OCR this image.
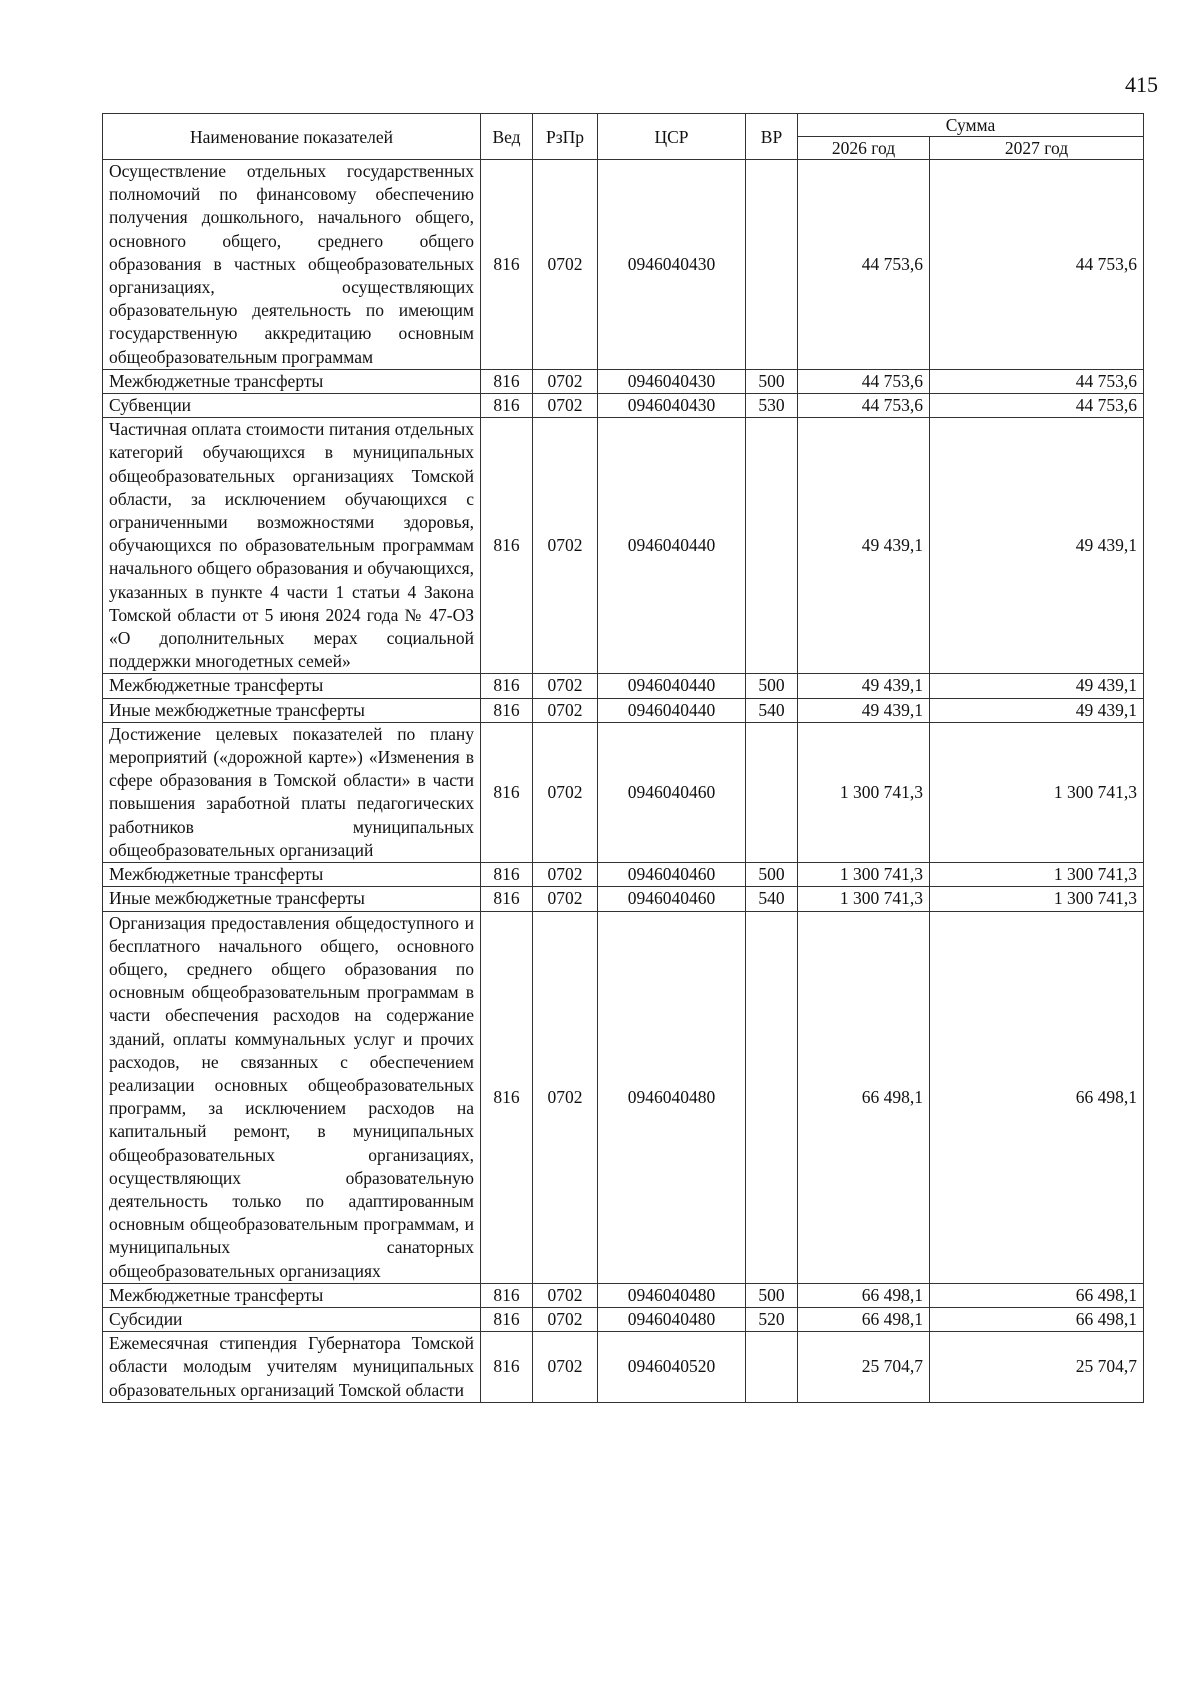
415
Наименование показателей	Вед	РзПр	ЦСР	ВР	Сумма	
					2026 год	2027 год
Осуществление отдельных государственных полномочий по финансовому обеспечению получения дошкольного, начального общего, основного общего, среднего общего образования в частных общеобразовательных организациях, осуществляющих образовательную деятельность по имеющим государственную аккредитацию основным общеобразовательным программам	816	0702	0946040430		44 753,6	44 753,6
Межбюджетные трансферты	816	0702	0946040430	500	44 753,6	44 753,6
Субвенции	816	0702	0946040430	530	44 753,6	44 753,6
Частичная оплата стоимости питания отдельных категорий обучающихся в муниципальных общеобразовательных организациях Томской области, за исключением обучающихся с ограниченными возможностями здоровья, обучающихся по образовательным программам начального общего образования и обучающихся, указанных в пункте 4 части 1 статьи 4 Закона Томской области от 5 июня 2024 года № 47-ОЗ «О дополнительных мерах социальной поддержки многодетных семей»	816	0702	0946040440		49 439,1	49 439,1
Межбюджетные трансферты	816	0702	0946040440	500	49 439,1	49 439,1
Иные межбюджетные трансферты	816	0702	0946040440	540	49 439,1	49 439,1
Достижение целевых показателей по плану мероприятий («дорожной карте») «Изменения в сфере образования в Томской области» в части повышения заработной платы педагогических работников муниципальных общеобразовательных организаций	816	0702	0946040460		1 300 741,3	1 300 741,3
Межбюджетные трансферты	816	0702	0946040460	500	1 300 741,3	1 300 741,3
Иные межбюджетные трансферты	816	0702	0946040460	540	1 300 741,3	1 300 741,3
Организация предоставления общедоступного и бесплатного начального общего, основного общего, среднего общего образования по основным общеобразовательным программам в части обеспечения расходов на содержание зданий, оплаты коммунальных услуг и прочих расходов, не связанных с обеспечением реализации основных общеобразовательных программ, за исключением расходов на капитальный ремонт, в муниципальных общеобразовательных организациях, осуществляющих образовательную деятельность только по адаптированным основным общеобразовательным программам, и муниципальных санаторных общеобразовательных организациях	816	0702	0946040480		66 498,1	66 498,1
Межбюджетные трансферты	816	0702	0946040480	500	66 498,1	66 498,1
Субсидии	816	0702	0946040480	520	66 498,1	66 498,1
Ежемесячная стипендия Губернатора Томской области молодым учителям муниципальных образовательных организаций Томской области	816	0702	0946040520		25 704,7	25 704,7
